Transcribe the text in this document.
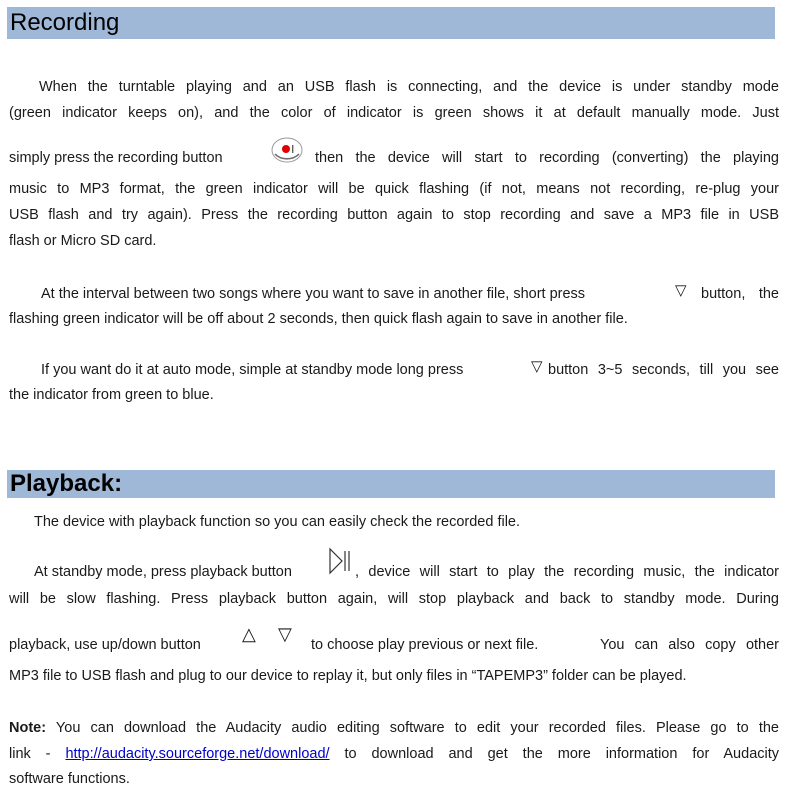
Recording
When the turntable playing and an USB flash is connecting, and the device is under standby mode
(green indicator keeps on), and the color of indicator is green shows it at default manually mode. Just
simply press the recording button	then the device will start to recording (converting) the playing
music to MP3 format, the green indicator will be quick flashing (if not, means not recording, re-plug your
USB flash and try again). Press the recording button again to stop recording and save a MP3 file in USB
flash or Micro SD card.
At the interval between two songs where you want to save in another file, short press	▽ button, the
flashing green indicator will be off about 2 seconds, then quick flash again to save in another file.
If you want do it at auto mode, simple at standby mode long press	▽ button 3~5 seconds, till you see
the indicator from green to blue.
Playback:
The device with playback function so you can easily check the recorded file.
At standby mode, press playback button	, device will start to play the recording music, the indicator
will be slow flashing. Press playback button again, will stop playback and back to standby mode. During
playback, use up/down button
△ ▽
to choose play previous or next file.	You can also copy other
MP3 file to USB flash and plug to our device to replay it, but only files in “TAPEMP3” folder can be played.
Note: You can download the Audacity audio editing software to edit your recorded files. Please go to the
link - http://audacity.sourceforge.net/download/ to download and get the more information for Audacity
software functions.
